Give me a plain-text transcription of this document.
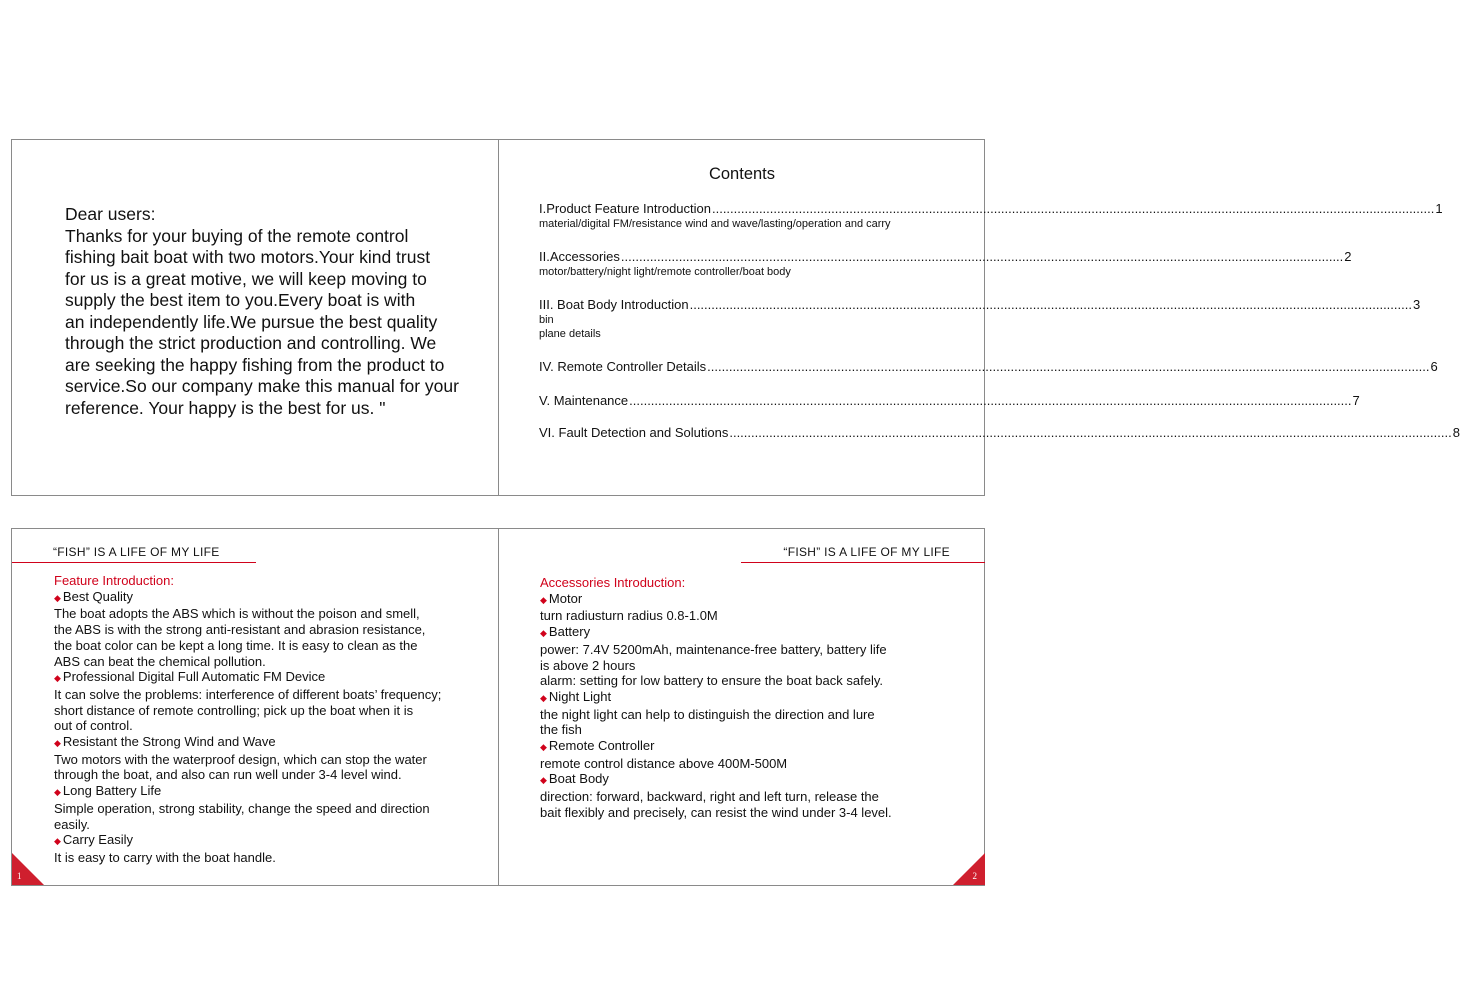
Dear users:
Thanks for your buying of the remote control
fishing bait boat with two motors.Your kind trust
for us is a great motive, we will keep moving to
supply the best item to you.Every boat is with
an independently life.We pursue the best quality
through the strict production and controlling. We
are seeking the happy fishing from the product to
service.So our company make this manual for your
reference. Your happy is the best for us. "
Contents
I.Product Feature Introduction ........................................................................................................................................................................................................ 1
material/digital FM/resistance wind and wave/lasting/operation and carry
II.Accessories ........................................................................................................................................................................................................ 2
motor/battery/night light/remote controller/boat body
III. Boat Body Introduction ........................................................................................................................................................................................................ 3
bin
plane details
IV. Remote Controller Details ........................................................................................................................................................................................................ 6
V. Maintenance ........................................................................................................................................................................................................ 7
VI. Fault Detection and Solutions ........................................................................................................................................................................................................ 8
“FISH” IS A LIFE OF MY LIFE
Feature Introduction:
◆ Best Quality
The boat adopts the ABS which is without the poison and smell,
the ABS is with the strong anti-resistant and abrasion resistance,
the boat color can be kept a long time. It is easy to clean as the
ABS can beat the chemical pollution.
◆ Professional Digital Full Automatic FM Device
It can solve the problems: interference of different boats’ frequency;
short distance of remote controlling; pick up the boat when it is
out of control.
◆ Resistant the Strong Wind and Wave
Two motors with the waterproof design, which can stop the water
through the boat, and also can run well under 3-4 level wind.
◆ Long Battery Life
Simple operation, strong stability, change the speed and direction
easily.
◆ Carry Easily
It is easy to carry with the boat handle.
1
“FISH” IS A LIFE OF MY LIFE
Accessories Introduction:
◆ Motor
turn radiusturn radius 0.8-1.0M
◆ Battery
power: 7.4V 5200mAh, maintenance-free battery, battery life
is above 2 hours
alarm: setting for low battery to ensure the boat back safely.
◆ Night Light
the night light can help to distinguish the direction and lure
the fish
◆ Remote Controller
remote control distance above 400M-500M
◆ Boat Body
direction: forward, backward, right and left turn, release the
bait flexibly and precisely, can resist the wind under 3-4 level.
2
